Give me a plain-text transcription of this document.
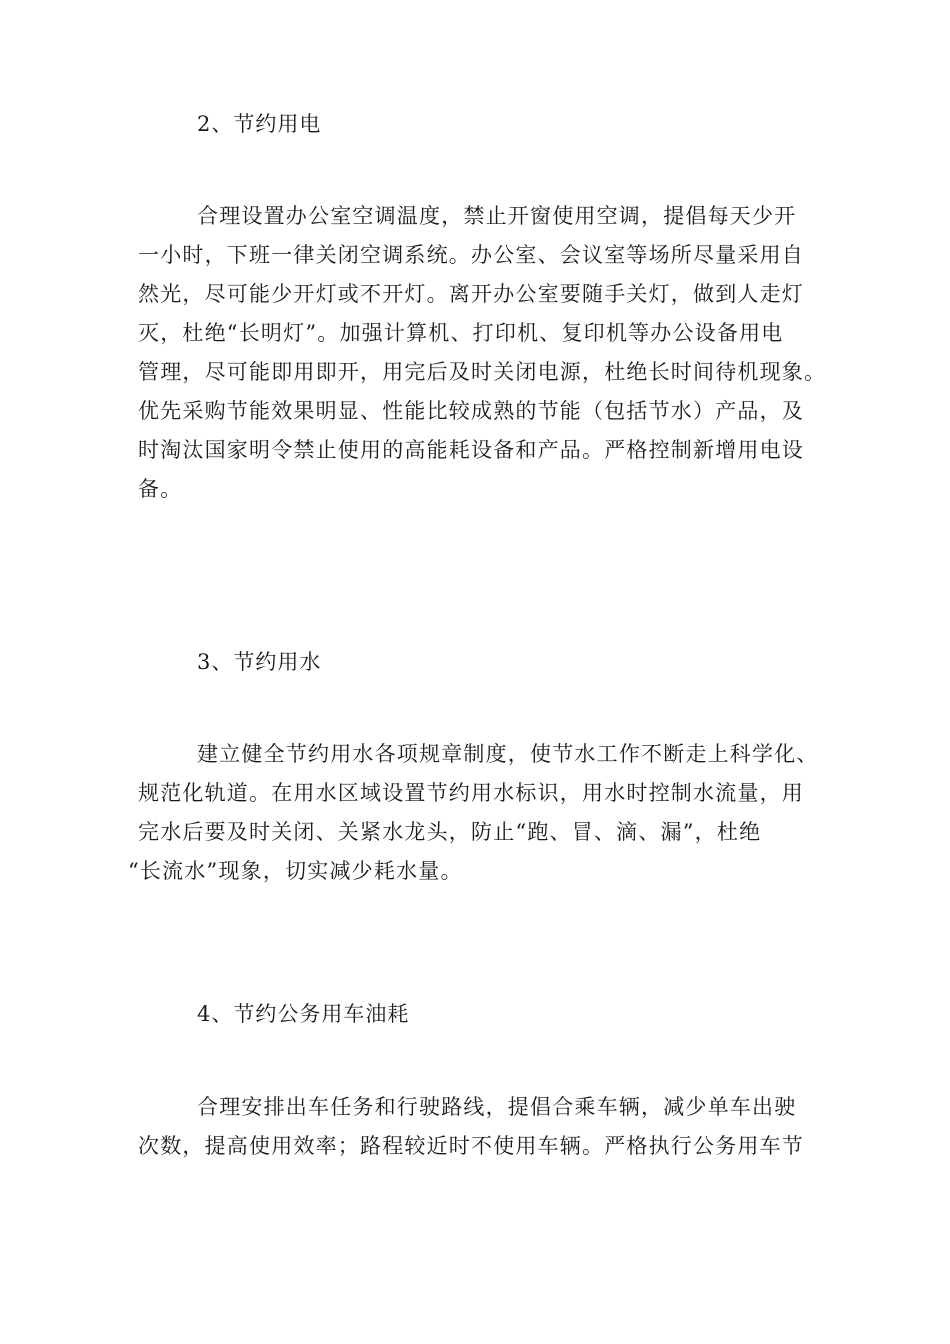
2、节约用电
合理设置办公室空调温度，禁止开窗使用空调，提倡每天少开
一小时，下班一律关闭空调系统。办公室、会议室等场所尽量采用自
然光，尽可能少开灯或不开灯。离开办公室要随手关灯，做到人走灯
灭，杜绝“长明灯”。加强计算机、打印机、复印机等办公设备用电
管理，尽可能即用即开，用完后及时关闭电源，杜绝长时间待机现象。
优先采购节能效果明显、性能比较成熟的节能（包括节水）产品，及
时淘汰国家明令禁止使用的高能耗设备和产品。严格控制新增用电设
备。
3、节约用水
建立健全节约用水各项规章制度，使节水工作不断走上科学化、
规范化轨道。在用水区域设置节约用水标识，用水时控制水流量，用
完水后要及时关闭、关紧水龙头，防止“跑、冒、滴、漏”，杜绝
“长流水”现象，切实减少耗水量。
4、节约公务用车油耗
合理安排出车任务和行驶路线，提倡合乘车辆，减少单车出驶
次数，提高使用效率；路程较近时不使用车辆。严格执行公务用车节
